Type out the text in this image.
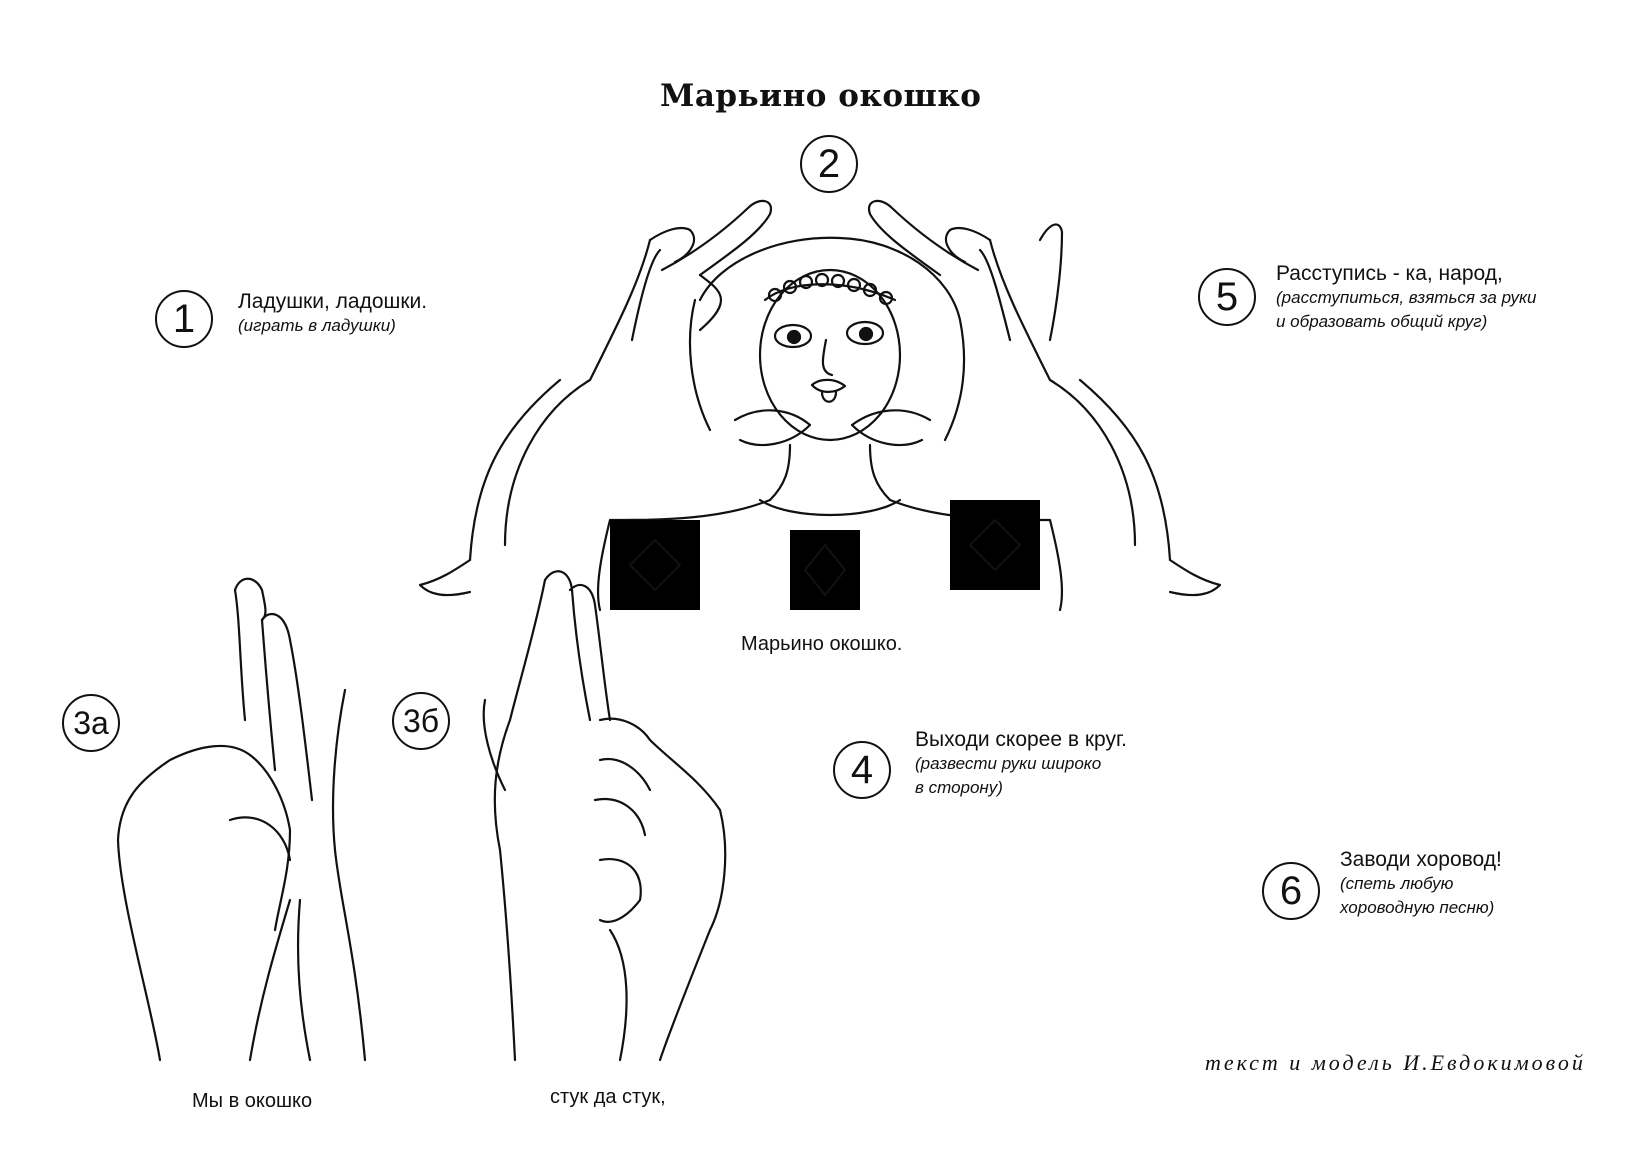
Марьино окошко
1 Ладушки, ладошки.
(играть в ладушки)
2
5
Расступись - ка, народ,
(расступиться, взяться за руки
и образовать общий круг)
3а	3б
4
Выходи скорее в круг.
(развести руки широко
в сторону)
6
Заводи хоровод!
(спеть любую
хороводную песню)
Марьино окошко.
Мы в окошко	стук да стук,
текст и модель И.Евдокимовой
